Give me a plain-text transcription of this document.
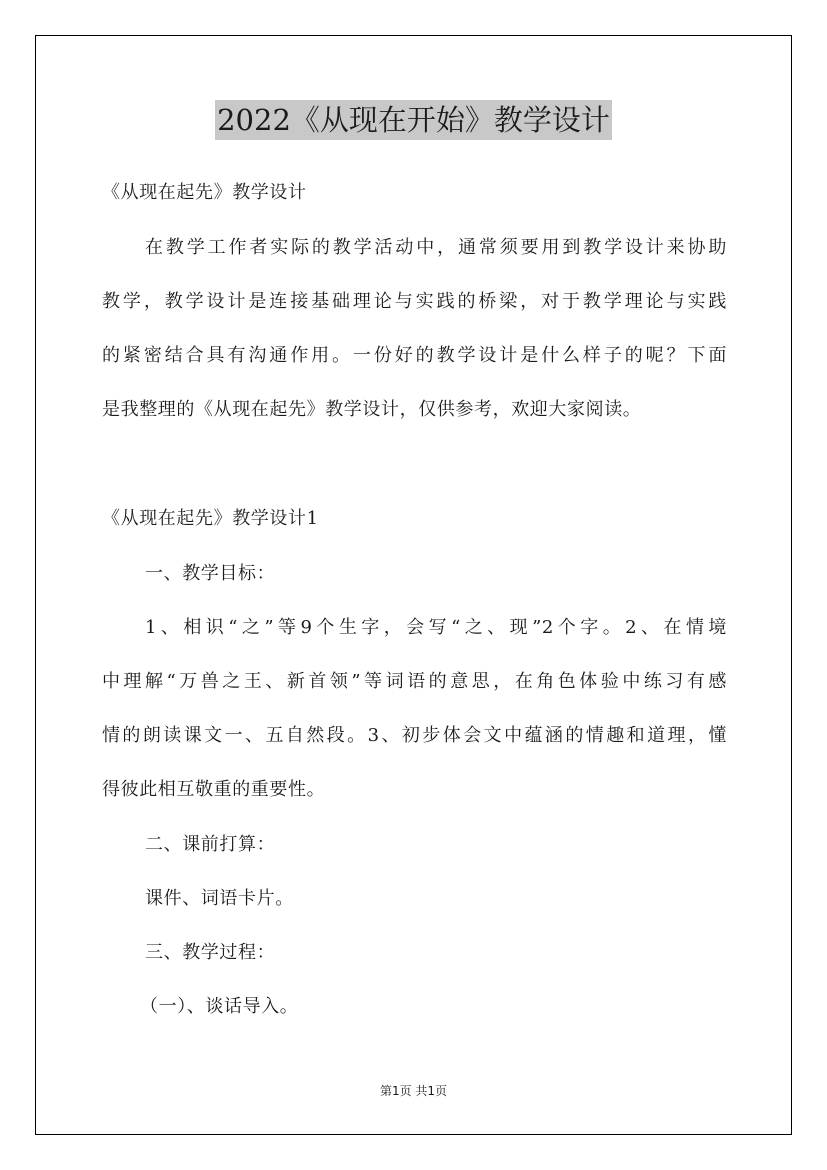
2022《从现在开始》教学设计
《从现在起先》教学设计
在教学工作者实际的教学活动中，通常须要用到教学设计来协助
教学，教学设计是连接基础理论与实践的桥梁，对于教学理论与实践
的紧密结合具有沟通作用。一份好的教学设计是什么样子的呢？下面
是我整理的《从现在起先》教学设计，仅供参考，欢迎大家阅读。
《从现在起先》教学设计1
一、教学目标：
1、相识“之”等9个生字，会写“之、现”2个字。2、在情境
中理解“万兽之王、新首领”等词语的意思，在角色体验中练习有感
情的朗读课文一、五自然段。3、初步体会文中蕴涵的情趣和道理，懂
得彼此相互敬重的重要性。
二、课前打算：
课件、词语卡片。
三、教学过程：
（一）、谈话导入。
第1页 共1页
